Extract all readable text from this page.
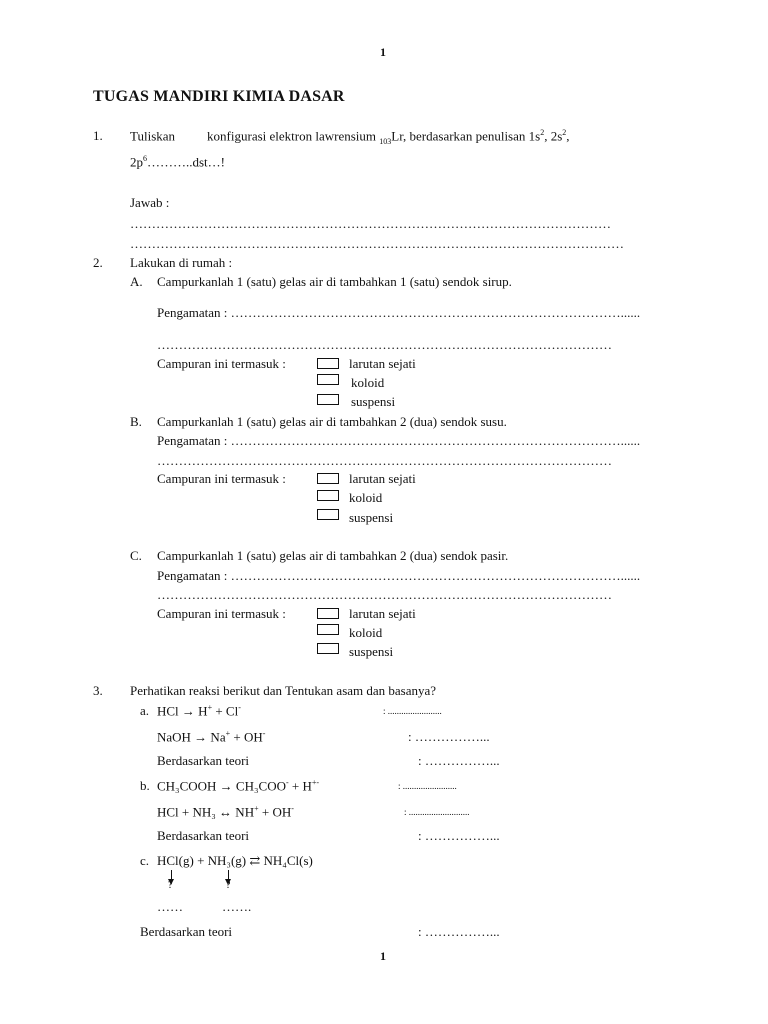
1
TUGAS MANDIRI KIMIA DASAR
1. Tuliskan konfigurasi elektron lawrensium $_{103}$Lr, berdasarkan penulisan $1s^2$, $2s^2$,
$2p^6\dots\dots\dots..dst\dots$!
Jawab :
…………………………………………………………………………………………………
……………………………………………………………………………………………………
2. Lakukan di rumah :
A. Campurkanlah 1 (satu) gelas air di tambahkan 1 (satu) sendok sirup.
Pengamatan : ………………………………………………………………………………......
……………………………………………………………………………………………
Campuran ini termasuk :	larutan sejati
koloid
suspensi
B. Campurkanlah 1 (satu) gelas air di tambahkan 2 (dua) sendok susu.
Pengamatan : ………………………………………………………………………………......
……………………………………………………………………………………………
Campuran ini termasuk :	larutan sejati
koloid
suspensi
C. Campurkanlah 1 (satu) gelas air di tambahkan 2 (dua) sendok pasir.
Pengamatan : ………………………………………………………………………………......
……………………………………………………………………………………………
Campuran ini termasuk :	larutan sejati
koloid
suspensi
3. Perhatikan reaksi berikut dan Tentukan asam dan basanya?
a. HCl → H+ + Cl-	: ........................
NaOH → Na+ + OH-	: ……………...
Berdasarkan teori	: ……………...
b. CH₃COOH → CH₃COO- + H+-	: ........................
HCl + NH₃ ↔ NH+ + OH-	: ...........................
Berdasarkan teori	: ……………...
c. HCl(g) + NH₃(g) ⇄ NH₄Cl(s)
?	?
……	…….
Berdasarkan teori	: ……………...
1
